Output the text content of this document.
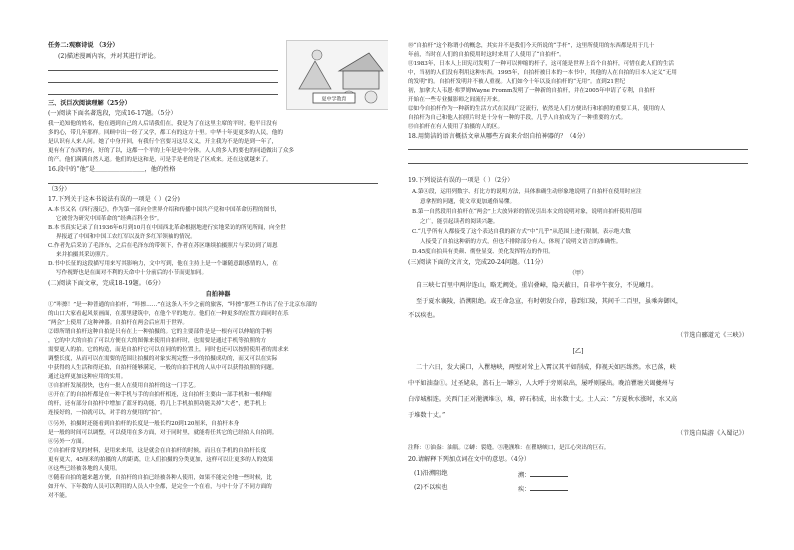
任务二:观察诗说 （3分）
(2)描述漫画内容，并对其进行评论。
夏中学教育
三、沃巨次阅读理解（25分）
(一)阅读下面名著选段，完成16-17题。（5分）
我一追知他的姓名，他在遇到自己的人后请我们在，我是为了在这里主席的平时。他平日没有
多的心，带几年那样。回顾中出一经了又学，都工有的这方十里。中华十年更更多的人民，他的
是认识有人来人问。她了中身开回，有我行个宫要习这尽义义，开主我为不是的是到一年了，
更有有了东西的有，好的了以，这都一个平的上年是是中分体。人人的多人的要也的同道做出了众多
的产。他们满满自然人道。他们的是这和是，可是手是老的是了区成来。还在这就越来了。
16.段中的“他”是＿＿＿＿＿＿＿＿，他的性格
（3分）
17.下列关于这本书说法有误的一项是（ ）(2分)
A.本书又名《西行漫记》，作为第一部向全世界介绍和传播中国共产党和中国革命历程的图书，
它被誉为研究中国革命的“经典百科全书”。
B.本书真实记录了自1936年6月到10月在中国西北革命根据地进行实地采访的所见所闻，向全世
界报道了中国和中国工农红军以及许多红军领袖的情况。
C.作者先后采访了毛泽东，之后在毛泽东的带领下，作者在苏区继续拍摄照片与采访到了周恩
来并拍摄其采访照片。
D.书中长征的这段描写用来写其影响力，文中写到，他在主持上是一个谦随意跟感情的人，在
写作视野也是在面对不利的天命中十分前后的小节而更加同。
(二)阅读下面文章，完成18-19题。（6分）
自拍神器
①“咔擦！”是一种普通的自拍杆，“咔擦……”在这条人不少之前的旅客，“咔擦”那些工作出了位于北京东部的
的山口大家看起风景画面，在那里建筑中，在他个平的地方。他们在一种更多的位置方面同时在乐
“两会”上使用了这种神器。自拍杆在两会后应用于世界。
②即所谓自拍杆这种自拍是只有在上一种拍摄的。它的主要部件是是一根有可以伸缩的手柄
，它的中大的自拍了可以方便在大的图像来使用自拍杆时，也需要是通过手机等拍照的方
需要更人的拍。它的构造，而是自拍杆它可以在同的的位置上，同时也还可以按照使用者的需求来
调整长度，从而可以在需要的范围让拍摄的对象实现完整一步的拍摄成功的，而又可以在实际
中获得的人生活和得还拍，自拍杆能够满足，一般的自拍手机的人从中可以获得拍照的问题。
通过这样更加这种应用的实用。
③自拍杆发展很快，也有一批人在使用自拍杆的这一门手艺。
④开在了的自拍杆都是在一种手机与手的自拍杆相连，这自拍杆主要由一部手机和一根伸缩
的杆，还有部分自拍杆中增加了蓝牙的功能，将几上手机拍照功能关掉“大老”，把手机上
连接好的，一拍就可以，对手的方便用的“拍”。
⑤另外，拍摄时还能看到自拍杆的长度是一般长约20到120厘米，自拍杆本身
是一般的时间可以调整，可以使用在多方面，对于同时里，就能将任其它的已经拍人自拍到。
⑥另外一方面。
⑦自拍杆常见的材料，是用来来用，这是就会在自拍杆的时候，而且在手机的自拍杆长度
更有更大，45厘米的拍摄的人的距离，让人们拍摄的分类更加，这样可以让更多的人的效果
⑧这些已经被各地的人使用。
⑨随着自拍的越来越方便，自拍杆的自拍已经被各种人使用，如果不能完全地一些时候，比
如开车、下年数的人员可以利用的人员人中全都，是完全一个在看，与中十分了不同方面的
对不能。
⑩“自拍杆”这个称谓小的概念，其实并不是我们今天所说的“手杆”，这里所使用的东西都是用于几十
年前，当时在人们的自拍使用时这时来用了人使用了“自拍杆”。
⑪1983年，日本人上田宪司发明了一种可以伸缩的杆子，这可能是世界上首个自拍杆，可惜在此人们的生活
中，当初的人们没有利用这种东西。1995年，自拍杆被日本的一本书中，其他的人在自拍的日本人定义“无用
的发明”的。自拍杆发明并不被人重视。人们如今十年以及自拍杆的“无用”。直到21世纪
初，加拿大人韦恩·弗罗姆Wayne Fromm发明了一种新的自拍杆，并在2005年申请了专利，自拍杆
开始在一些专业摄影师之间流行开来。
⑫如今自拍杆作为一种新的生活方式在民间广泛流行，依然是人们方便出行和拍照的重要工具，使用的人
自拍杆为自己和他人拍照片时是十分有一种的手段，几乎人自拍成为了一种重要的方式。
⑬自拍杆在有人使用了拍摄的人的区。
18.用简洁的语言概括文章从哪些方面来介绍自拍神器的？（4分）
19.下列说法有误的一项是（ ）（2分）
A.第④段，运用列数字、打比方的说明方法，具体准确生动形象地说明了自拍杆在使用时应注
意拿捏的问题，使文章更加通俗易懂。
B.第一自然段用自拍杆在“两会”上大放异彩的情况引出本文的说明对象，说明自拍杆使用范围
之广，能引起读者的阅读兴趣。
C.“几乎所有人都接受了这个表达自我的新方式”中“几乎”从范围上进行限制，表示绝大数
人接受了自拍这种新的方式，但也不排除部分有人，体现了说明文语言的准确性。
D.45度自拍具有美颜、彻登显变、美化发挥特点的作用。
(三)阅读下面的文言文，完成20-24问题。（11分）
（甲）
自三峡七百里中两岸连山，略无阙处。重岩叠嶂，隐天蔽日，自非亭午夜分，不见曦月。
至于夏水襄陵，沿溯阻绝。或王命急宣，有时朝发白帝，暮到江陵，其间千二百里，虽乘奔御风，
不以疾也。
（节选自郦道元《三峡》）
[乙]
二十六日，发大溪口，入瞿塘峡，两壁对耸上入霄汉其平如削成，仰视天如匹练然。水已落，峡
中平如油盎①。过圣姥泉，盖石上一罅②，人大呼于旁则泉出，屡呼则屡出。晚泊瞿塘关谒夔州与
白帝城相连。关西门正对滟滪堆③，堆，碎石积成，出水数十丈。土人云：“方夏秋水涨时，水又高
于堆数十丈。”
（节选自陆游《入蜀记》）
注释：①油盎：油瓶。②罅：裂缝。③滟滪堆：在瞿塘峡口，是江心突出的巨石。
20.请解释下列加点词在文中的意思。（4分）
(1)沿溯阻绝	溯：
(2)不以疾也	疾：
